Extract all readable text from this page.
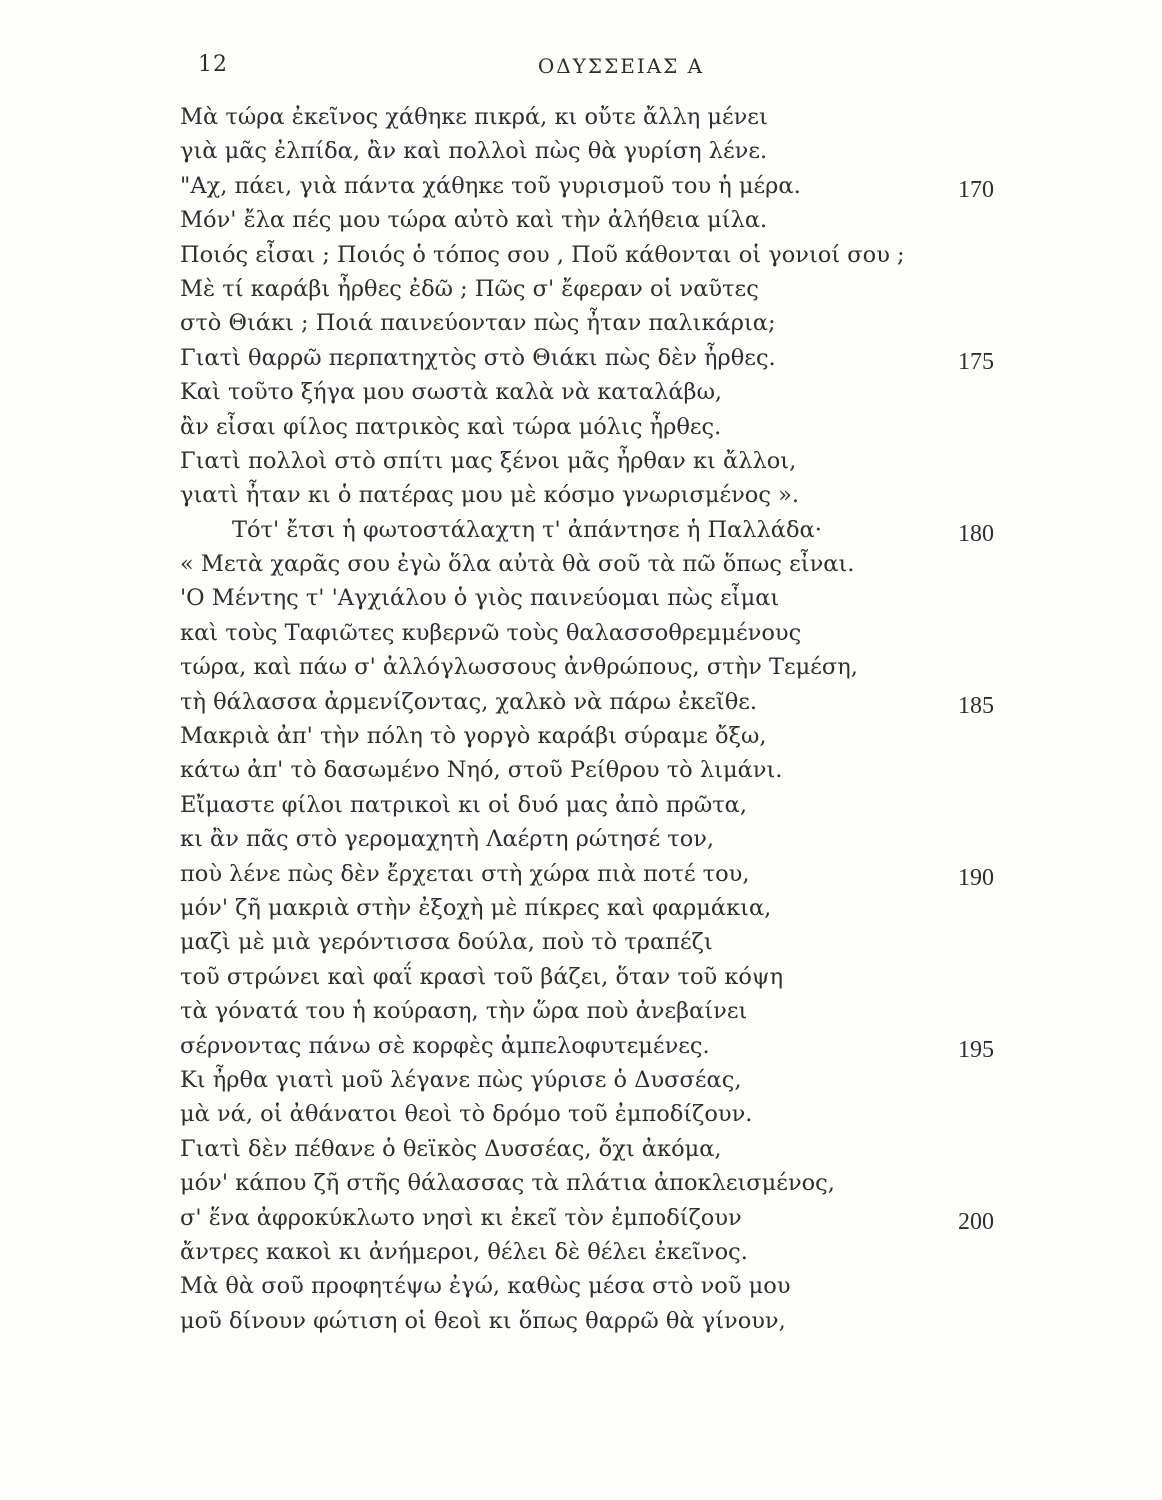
12	ΟΔΥΣΣΕΙΑΣ Α
Μὰ τώρα ἐκεῖνος χάθηκε πικρά, κι οὔτε ἄλλη μένει
γιὰ μᾶς ἐλπίδα, ἂν καὶ πολλοὶ πὼς θὰ γυρίση λένε.
"Αχ, πάει, γιὰ πάντα χάθηκε τοῦ γυρισμοῦ του ἡ μέρα.	170
Μόν' ἔλα πές μου τώρα αὐτὸ καὶ τὴν ἀλήθεια μίλα.
Ποιός εἶσαι ; Ποιός ὁ τόπος σου , Ποῦ κάθονται οἱ γονιοί σου ;
Μὲ τί καράβι ἦρθες ἐδῶ ; Πῶς σ' ἔφεραν οἱ ναῦτες
στὸ Θιάκι ; Ποιά παινεύονταν πὼς ἦταν παλικάρια;
Γιατὶ θαρρῶ περπατηχτὸς στὸ Θιάκι πὼς δὲν ἦρθες.	175
Καὶ τοῦτο ξήγα μου σωστὰ καλὰ νὰ καταλάβω,
ἂν εἶσαι φίλος πατρικὸς καὶ τώρα μόλις ἦρθες.
Γιατὶ πολλοὶ στὸ σπίτι μας ξένοι μᾶς ἦρθαν κι ἄλλοι,
γιατὶ ἦταν κι ὁ πατέρας μου μὲ κόσμο γνωρισμένος ».
Τότ' ἔτσι ἡ φωτοστάλαχτη τ' ἀπάντησε ἡ Παλλάδα·	180
« Μετὰ χαρᾶς σου ἐγὼ ὅλα αὐτὰ θὰ σοῦ τὰ πῶ ὅπως εἶναι.
'Ο Μέντης τ' 'Αγχιάλου ὁ γιὸς παινεύομαι πὼς εἶμαι
καὶ τοὺς Ταφιῶτες κυβερνῶ τοὺς θαλασσοθρεμμένους
τώρα, καὶ πάω σ' ἀλλόγλωσσους ἀνθρώπους, στὴν Τεμέση,
τὴ θάλασσα ἀρμενίζοντας, χαλκὸ νὰ πάρω ἐκεῖθε.	185
Μακριὰ ἀπ' τὴν πόλη τὸ γοργὸ καράβι σύραμε ὄξω,
κάτω ἀπ' τὸ δασωμένο Νηό, στοῦ Ρείθρου τὸ λιμάνι.
Εἴμαστε φίλοι πατρικοὶ κι οἱ δυό μας ἀπὸ πρῶτα,
κι ἂν πᾶς στὸ γερομαχητὴ Λαέρτη ρώτησέ τον,
ποὺ λένε πὼς δὲν ἔρχεται στὴ χώρα πιὰ ποτέ του,	190
μόν' ζῆ μακριὰ στὴν ἐξοχὴ μὲ πίκρες καὶ φαρμάκια,
μαζὶ μὲ μιὰ γερόντισσα δούλα, ποὺ τὸ τραπέζι
τοῦ στρώνει καὶ φαΐ κρασὶ τοῦ βάζει, ὅταν τοῦ κόψη
τὰ γόνατά του ἡ κούραση, τὴν ὥρα ποὺ ἀνεβαίνει
σέρνοντας πάνω σὲ κορφὲς ἀμπελοφυτεμένες.	195
Κι ἦρθα γιατὶ μοῦ λέγανε πὼς γύρισε ὁ Δυσσέας,
μὰ νά, οἱ ἀθάνατοι θεοὶ τὸ δρόμο τοῦ ἐμποδίζουν.
Γιατὶ δὲν πέθανε ὁ θεϊκὸς Δυσσέας, ὄχι ἀκόμα,
μόν' κάπου ζῆ στῆς θάλασσας τὰ πλάτια ἀποκλεισμένος,
σ' ἕνα ἀφροκύκλωτο νησὶ κι ἐκεῖ τὸν ἐμποδίζουν	200
ἄντρες κακοὶ κι ἀνήμεροι, θέλει δὲ θέλει ἐκεῖνος.
Μὰ θὰ σοῦ προφητέψω ἐγώ, καθὼς μέσα στὸ νοῦ μου
μοῦ δίνουν φώτιση οἱ θεοὶ κι ὅπως θαρρῶ θὰ γίνουν,
